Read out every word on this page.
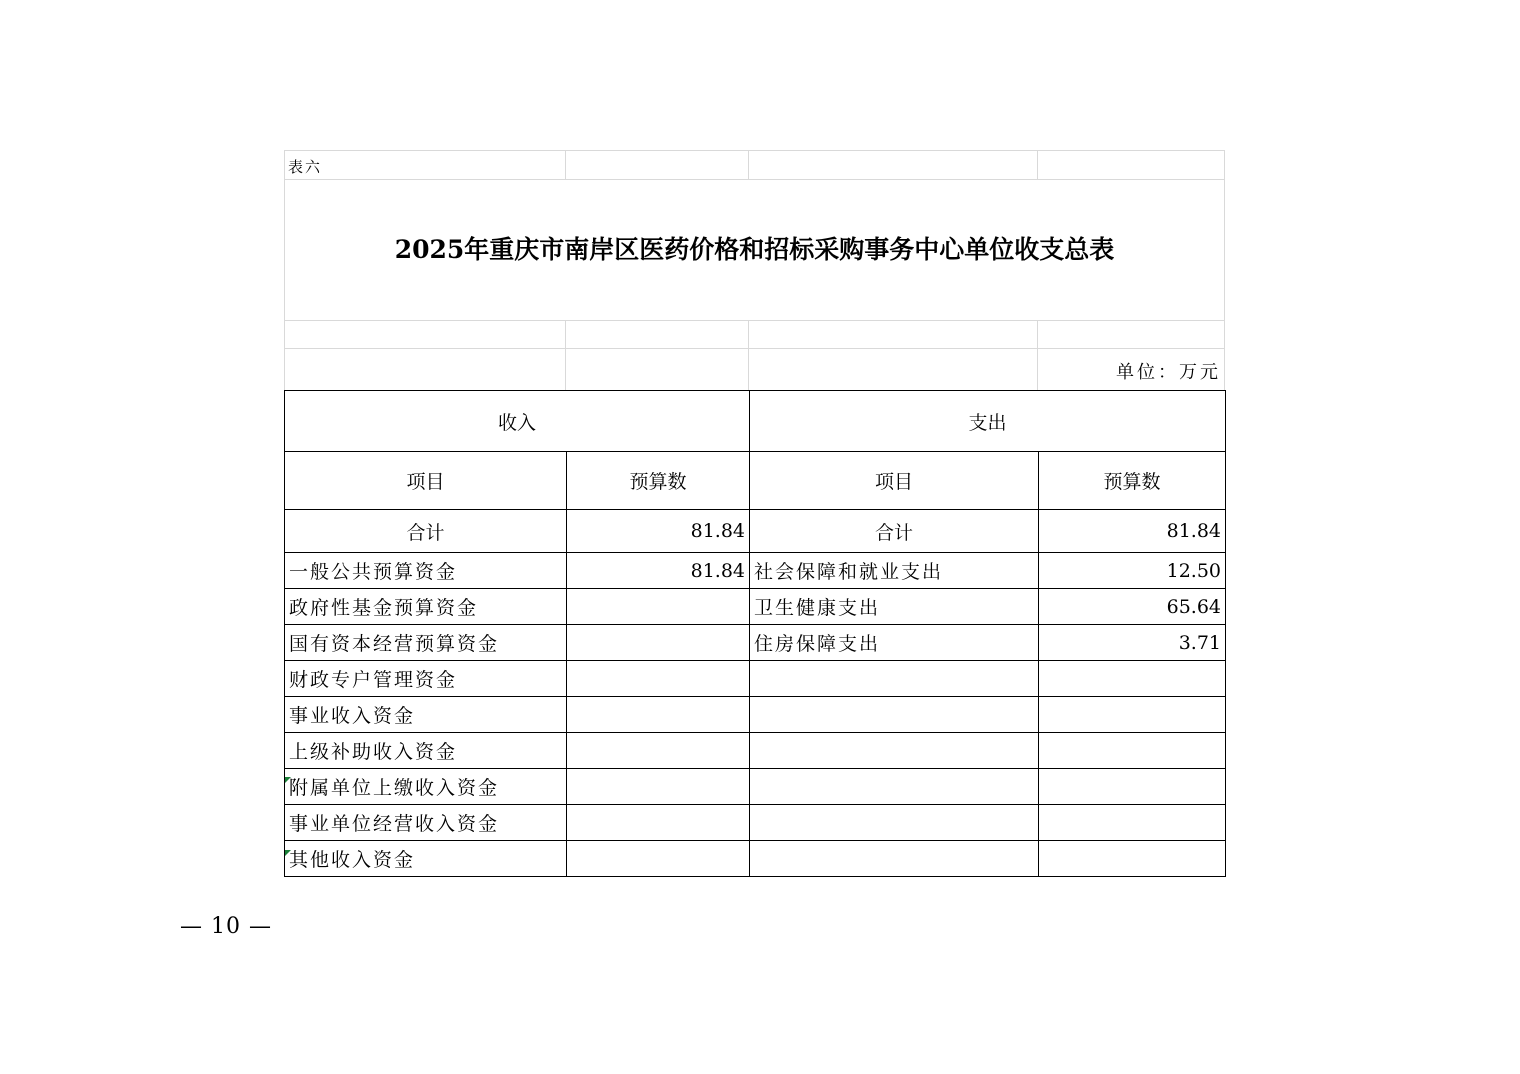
表六
2025年重庆市南岸区医药价格和招标采购事务中心单位收支总表
单位：万元
收入		支出	
项目	预算数	项目	预算数
合计	81.84	合计	81.84
一般公共预算资金	81.84	社会保障和就业支出	12.50
政府性基金预算资金		卫生健康支出	65.64
国有资本经营预算资金		住房保障支出	3.71
财政专户管理资金			
事业收入资金			
上级补助收入资金			
附属单位上缴收入资金			
事业单位经营收入资金			
其他收入资金			
— 10 —
